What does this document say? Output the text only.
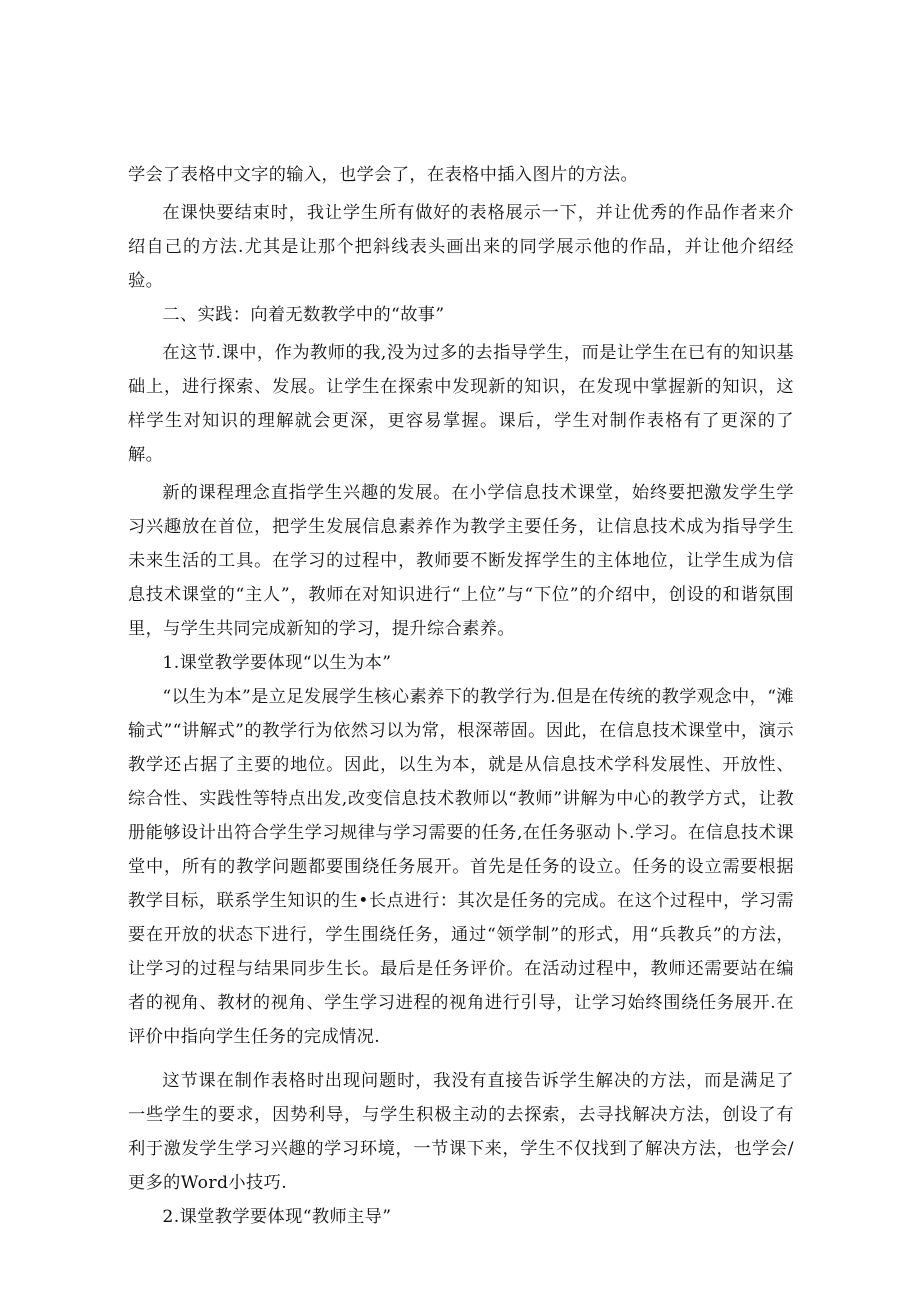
学会了表格中文字的输入，也学会了，在表格中插入图片的方法。

在课快要结束时，我让学生所有做好的表格展示一下，并让优秀的作品作者来介绍自己的方法.尤其是让那个把斜线表头画出来的同学展示他的作品，并让他介绍经验。

二、实践：向着无数教学中的“故事”

在这节.课中，作为教师的我,没为过多的去指导学生，而是让学生在已有的知识基础上，进行探索、发展。让学生在探索中发现新的知识，在发现中掌握新的知识，这样学生对知识的理解就会更深，更容易掌握。课后，学生对制作表格有了更深的了解。

新的课程理念直指学生兴趣的发展。在小学信息技术课堂，始终要把激发学生学习兴趣放在首位，把学生发展信息素养作为教学主要任务，让信息技术成为指导学生未来生活的工具。在学习的过程中，教师要不断发挥学生的主体地位，让学生成为信息技术课堂的“主人”，教师在对知识进行“上位”与“下位”的介绍中，创设的和谐氛围里，与学生共同完成新知的学习，提升综合素养。

1.课堂教学要体现“以生为本”

“以生为本”是立足发展学生核心素养下的教学行为.但是在传统的教学观念中，“滩输式”“讲解式”的教学行为依然习以为常，根深蒂固。因此，在信息技术课堂中，演示教学还占据了主要的地位。因此，以生为本，就是从信息技术学科发展性、开放性、综合性、实践性等特点出发,改变信息技术教师以“教师”讲解为中心的教学方式，让教册能够设计出符合学生学习规律与学习需要的任务,在任务驱动卜.学习。在信息技术课堂中，所有的教学问题都要围绕任务展开。首先是任务的设立。任务的设立需要根据教学目标，联系学生知识的生•长点进行：其次是任务的完成。在这个过程中，学习需要在开放的状态下进行，学生围绕任务，通过“领学制”的形式，用“兵教兵”的方法，让学习的过程与结果同步生长。最后是任务评价。在活动过程中，教师还需要站在编者的视角、教材的视角、学生学习进程的视角进行引导，让学习始终围绕任务展开.在评价中指向学生任务的完成情况.

这节课在制作表格时出现问题时，我没有直接告诉学生解决的方法，而是满足了一些学生的要求，因势利导，与学生积极主动的去探索，去寻找解决方法，创设了有利于激发学生学习兴趣的学习环境，一节课下来，学生不仅找到了解决方法，也学会/更多的Word小技巧.

2.课堂教学要体现“教师主导”
